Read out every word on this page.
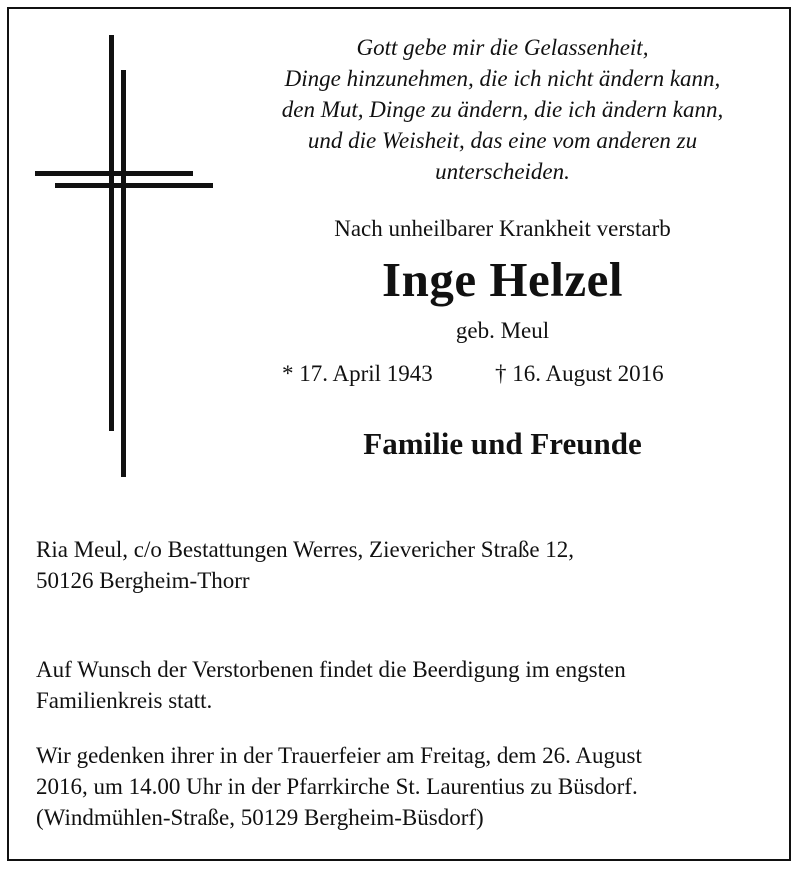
Gott gebe mir die Gelassenheit,
Dinge hinzunehmen, die ich nicht ändern kann,
den Mut, Dinge zu ändern, die ich ändern kann,
und die Weisheit, das eine vom anderen zu
unterscheiden.
Nach unheilbarer Krankheit verstarb
Inge Helzel
geb. Meul
* 17. April 1943	† 16. August 2016
Familie und Freunde
Ria Meul, c/o Bestattungen Werres, Zievericher Straße 12,
50126 Bergheim-Thorr
Auf Wunsch der Verstorbenen findet die Beerdigung im engsten
Familienkreis statt.
Wir gedenken ihrer in der Trauerfeier am Freitag, dem 26. August
2016, um 14.00 Uhr in der Pfarrkirche St. Laurentius zu Büsdorf.
(Windmühlen-Straße, 50129 Bergheim-Büsdorf)
